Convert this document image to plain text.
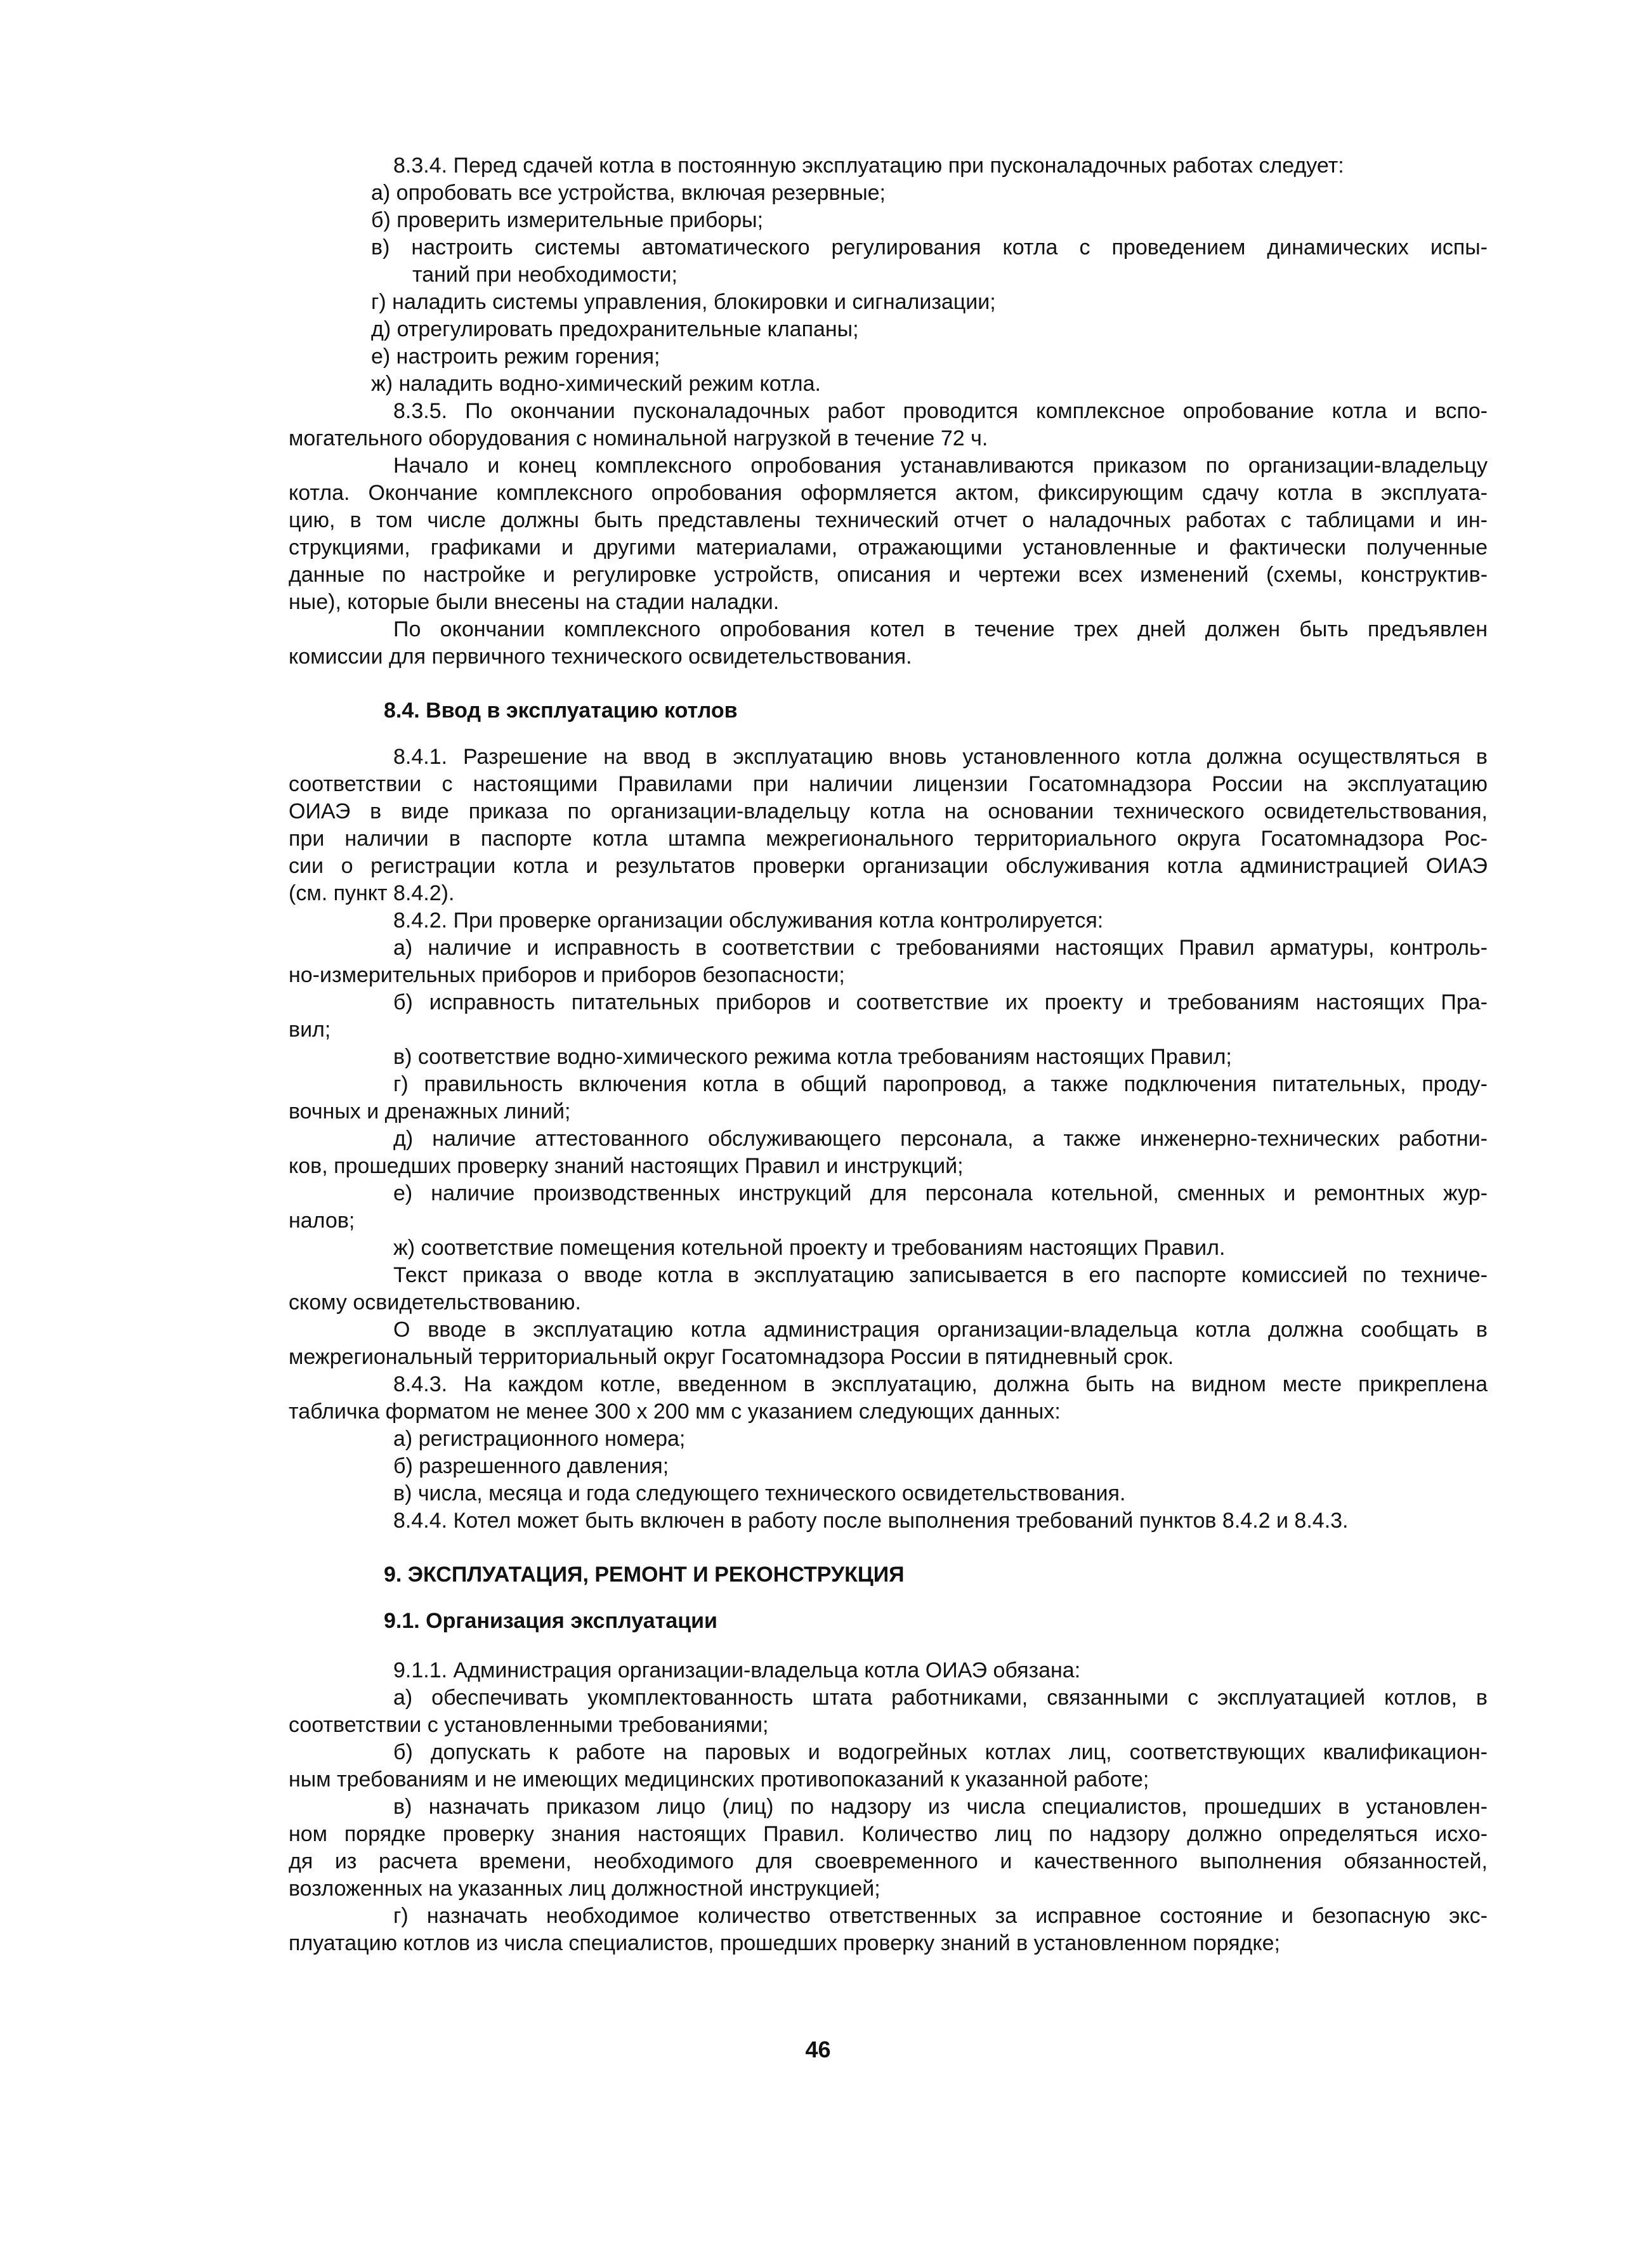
8.3.4. Перед сдачей котла в постоянную эксплуатацию при пусконаладочных работах следует:
а) опробовать все устройства, включая резервные;
б) проверить измерительные приборы;
в) настроить системы автоматического регулирования котла с проведением динамических испы-
таний при необходимости;
г) наладить системы управления, блокировки и сигнализации;
д) отрегулировать предохранительные клапаны;
е) настроить режим горения;
ж) наладить водно-химический режим котла.
8.3.5. По окончании пусконаладочных работ проводится комплексное опробование котла и вспо-
могательного оборудования с номинальной нагрузкой в течение 72 ч.
Начало и конец комплексного опробования устанавливаются приказом по организации-владельцу
котла. Окончание комплексного опробования оформляется актом, фиксирующим сдачу котла в эксплуата-
цию, в том числе должны быть представлены технический отчет о наладочных работах с таблицами и ин-
струкциями, графиками и другими материалами, отражающими установленные и фактически полученные
данные по настройке и регулировке устройств, описания и чертежи всех изменений (схемы, конструктив-
ные), которые были внесены на стадии наладки.
По окончании комплексного опробования котел в течение трех дней должен быть предъявлен
комиссии для первичного технического освидетельствования.
8.4. Ввод в эксплуатацию котлов
8.4.1. Разрешение на ввод в эксплуатацию вновь установленного котла должна осуществляться в
соответствии с настоящими Правилами при наличии лицензии Госатомнадзора России на эксплуатацию
ОИАЭ в виде приказа по организации-владельцу котла на основании технического освидетельствования,
при наличии в паспорте котла штампа межрегионального территориального округа Госатомнадзора Рос-
сии о регистрации котла и результатов проверки организации обслуживания котла администрацией ОИАЭ
(см. пункт 8.4.2).
8.4.2. При проверке организации обслуживания котла контролируется:
а) наличие и исправность в соответствии с требованиями настоящих Правил арматуры, контроль-
но-измерительных приборов и приборов безопасности;
б) исправность питательных приборов и соответствие их проекту и требованиям настоящих Пра-
вил;
в) соответствие водно-химического режима котла требованиям настоящих Правил;
г) правильность включения котла в общий паропровод, а также подключения питательных, проду-
вочных и дренажных линий;
д) наличие аттестованного обслуживающего персонала, а также инженерно-технических работни-
ков, прошедших проверку знаний настоящих Правил и инструкций;
е) наличие производственных инструкций для персонала котельной, сменных и ремонтных жур-
налов;
ж) соответствие помещения котельной проекту и требованиям настоящих Правил.
Текст приказа о вводе котла в эксплуатацию записывается в его паспорте комиссией по техниче-
скому освидетельствованию.
О вводе в эксплуатацию котла администрация организации-владельца котла должна сообщать в
межрегиональный территориальный округ Госатомнадзора России в пятидневный срок.
8.4.3. На каждом котле, введенном в эксплуатацию, должна быть на видном месте прикреплена
табличка форматом не менее 300 x 200 мм с указанием следующих данных:
а) регистрационного номера;
б) разрешенного давления;
в) числа, месяца и года следующего технического освидетельствования.
8.4.4. Котел может быть включен в работу после выполнения требований пунктов 8.4.2 и 8.4.3.
9. ЭКСПЛУАТАЦИЯ, РЕМОНТ И РЕКОНСТРУКЦИЯ
9.1. Организация эксплуатации
9.1.1. Администрация организации-владельца котла ОИАЭ обязана:
а) обеспечивать укомплектованность штата работниками, связанными с эксплуатацией котлов, в
соответствии с установленными требованиями;
б) допускать к работе на паровых и водогрейных котлах лиц, соответствующих квалификацион-
ным требованиям и не имеющих медицинских противопоказаний к указанной работе;
в) назначать приказом лицо (лиц) по надзору из числа специалистов, прошедших в установлен-
ном порядке проверку знания настоящих Правил. Количество лиц по надзору должно определяться исхо-
дя из расчета времени, необходимого для своевременного и качественного выполнения обязанностей,
возложенных на указанных лиц должностной инструкцией;
г) назначать необходимое количество ответственных за исправное состояние и безопасную экс-
плуатацию котлов из числа специалистов, прошедших проверку знаний в установленном порядке;
46
